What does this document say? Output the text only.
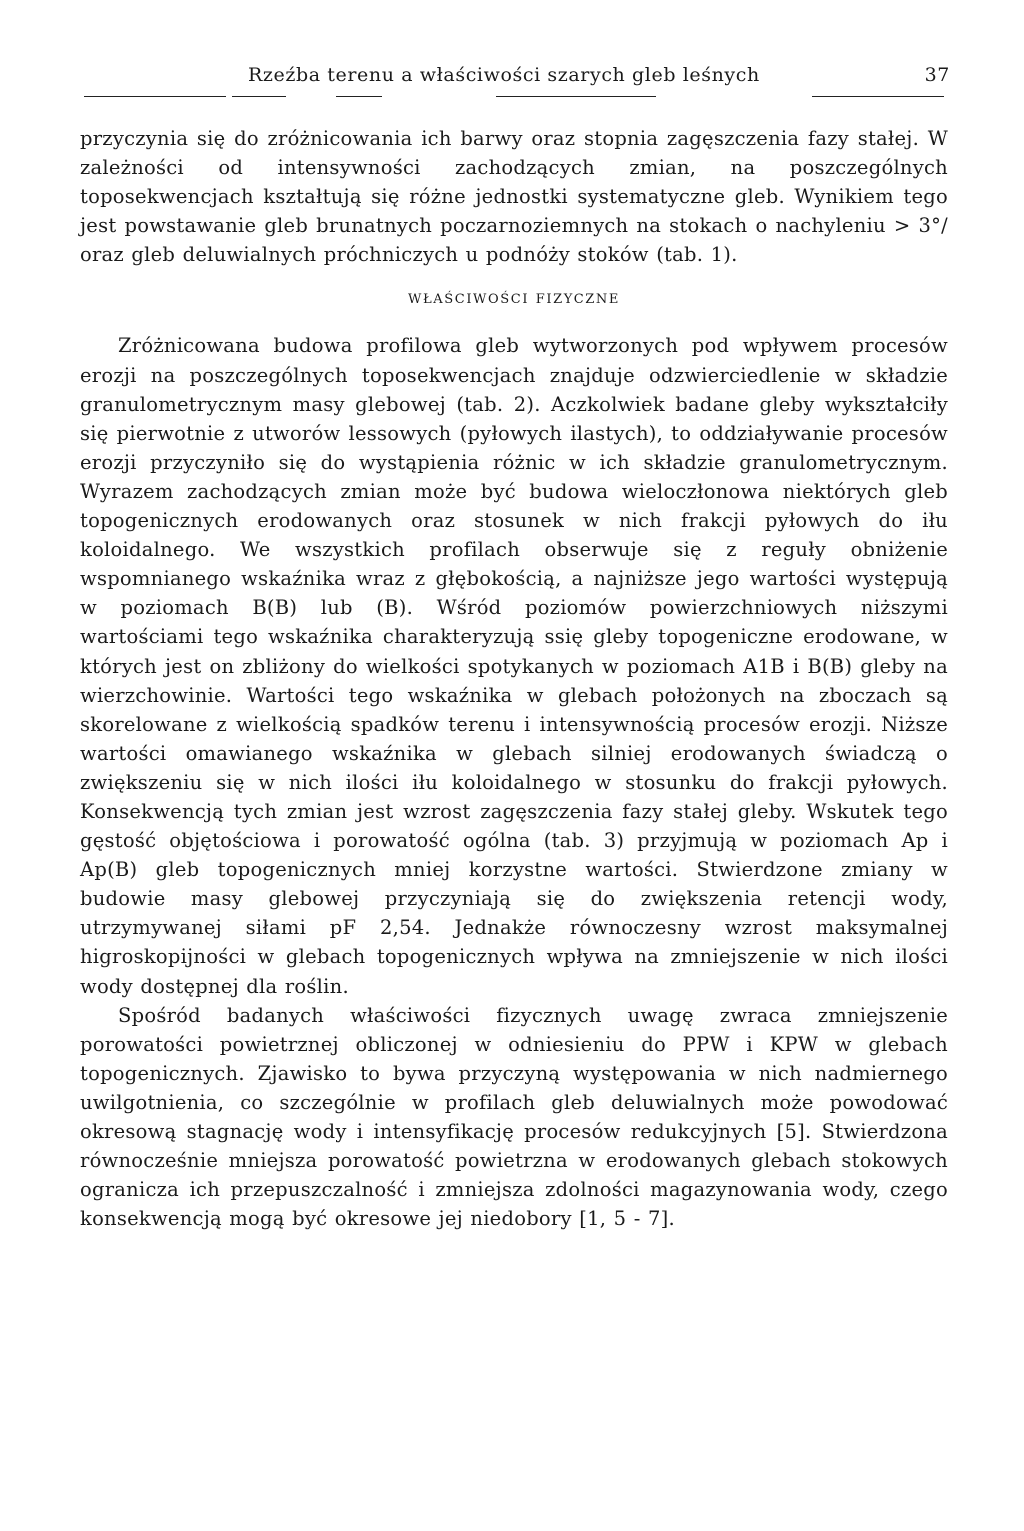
Rzeźba terenu a właściwości szarych gleb leśnych	37

przyczynia się do zróżnicowania ich barwy oraz stopnia zagęszczenia fazy stałej. W zależności od intensywności zachodzących zmian, na poszczególnych toposekwencjach kształtują się różne jednostki systematyczne gleb. Wynikiem tego jest powstawanie gleb brunatnych poczarnoziemnych na stokach o nachyleniu > 3°/ oraz gleb deluwialnych próchniczych u podnóży stoków (tab. 1).

WŁAŚCIWOŚCI FIZYCZNE

Zróżnicowana budowa profilowa gleb wytworzonych pod wpływem procesów erozji na poszczególnych toposekwencjach znajduje odzwierciedlenie w składzie granulometrycznym masy glebowej (tab. 2). Aczkolwiek badane gleby wykształciły się pierwotnie z utworów lessowych (pyłowych ilastych), to oddziaływanie procesów erozji przyczyniło się do wystąpienia różnic w ich składzie granulometrycznym. Wyrazem zachodzących zmian może być budowa wieloczłonowa niektórych gleb topogenicznych erodowanych oraz stosunek w nich frakcji pyłowych do iłu koloidalnego. We wszystkich profilach obserwuje się z reguły obniżenie wspomnianego wskaźnika wraz z głębokością, a najniższe jego wartości występują w poziomach B(B) lub (B). Wśród poziomów powierzchniowych niższymi wartościami tego wskaźnika charakteryzują ssię gleby topogeniczne erodowane, w których jest on zbliżony do wielkości spotykanych w poziomach A1B i B(B) gleby na wierzchowinie. Wartości tego wskaźnika w glebach położonych na zboczach są skorelowane z wielkością spadków terenu i intensywnością procesów erozji. Niższe wartości omawianego wskaźnika w glebach silniej erodowanych świadczą o zwiększeniu się w nich ilości iłu koloidalnego w stosunku do frakcji pyłowych. Konsekwencją tych zmian jest wzrost zagęszczenia fazy stałej gleby. Wskutek tego gęstość objętościowa i porowatość ogólna (tab. 3) przyjmują w poziomach Ap i Ap(B) gleb topogenicznych mniej korzystne wartości. Stwierdzone zmiany w budowie masy glebowej przyczyniają się do zwiększenia retencji wody, utrzymywanej siłami pF 2,54. Jednakże równoczesny wzrost maksymalnej higroskopijności w glebach topogenicznych wpływa na zmniejszenie w nich ilości wody dostępnej dla roślin.

Spośród badanych właściwości fizycznych uwagę zwraca zmniejszenie porowatości powietrznej obliczonej w odniesieniu do PPW i KPW w glebach topogenicznych. Zjawisko to bywa przyczyną występowania w nich nadmiernego uwilgotnienia, co szczególnie w profilach gleb deluwialnych może powodować okresową stagnację wody i intensyfikację procesów redukcyjnych [5]. Stwierdzona równocześnie mniejsza porowatość powietrzna w erodowanych glebach stokowych ogranicza ich przepuszczalność i zmniejsza zdolności magazynowania wody, czego konsekwencją mogą być okresowe jej niedobory [1, 5 - 7].
